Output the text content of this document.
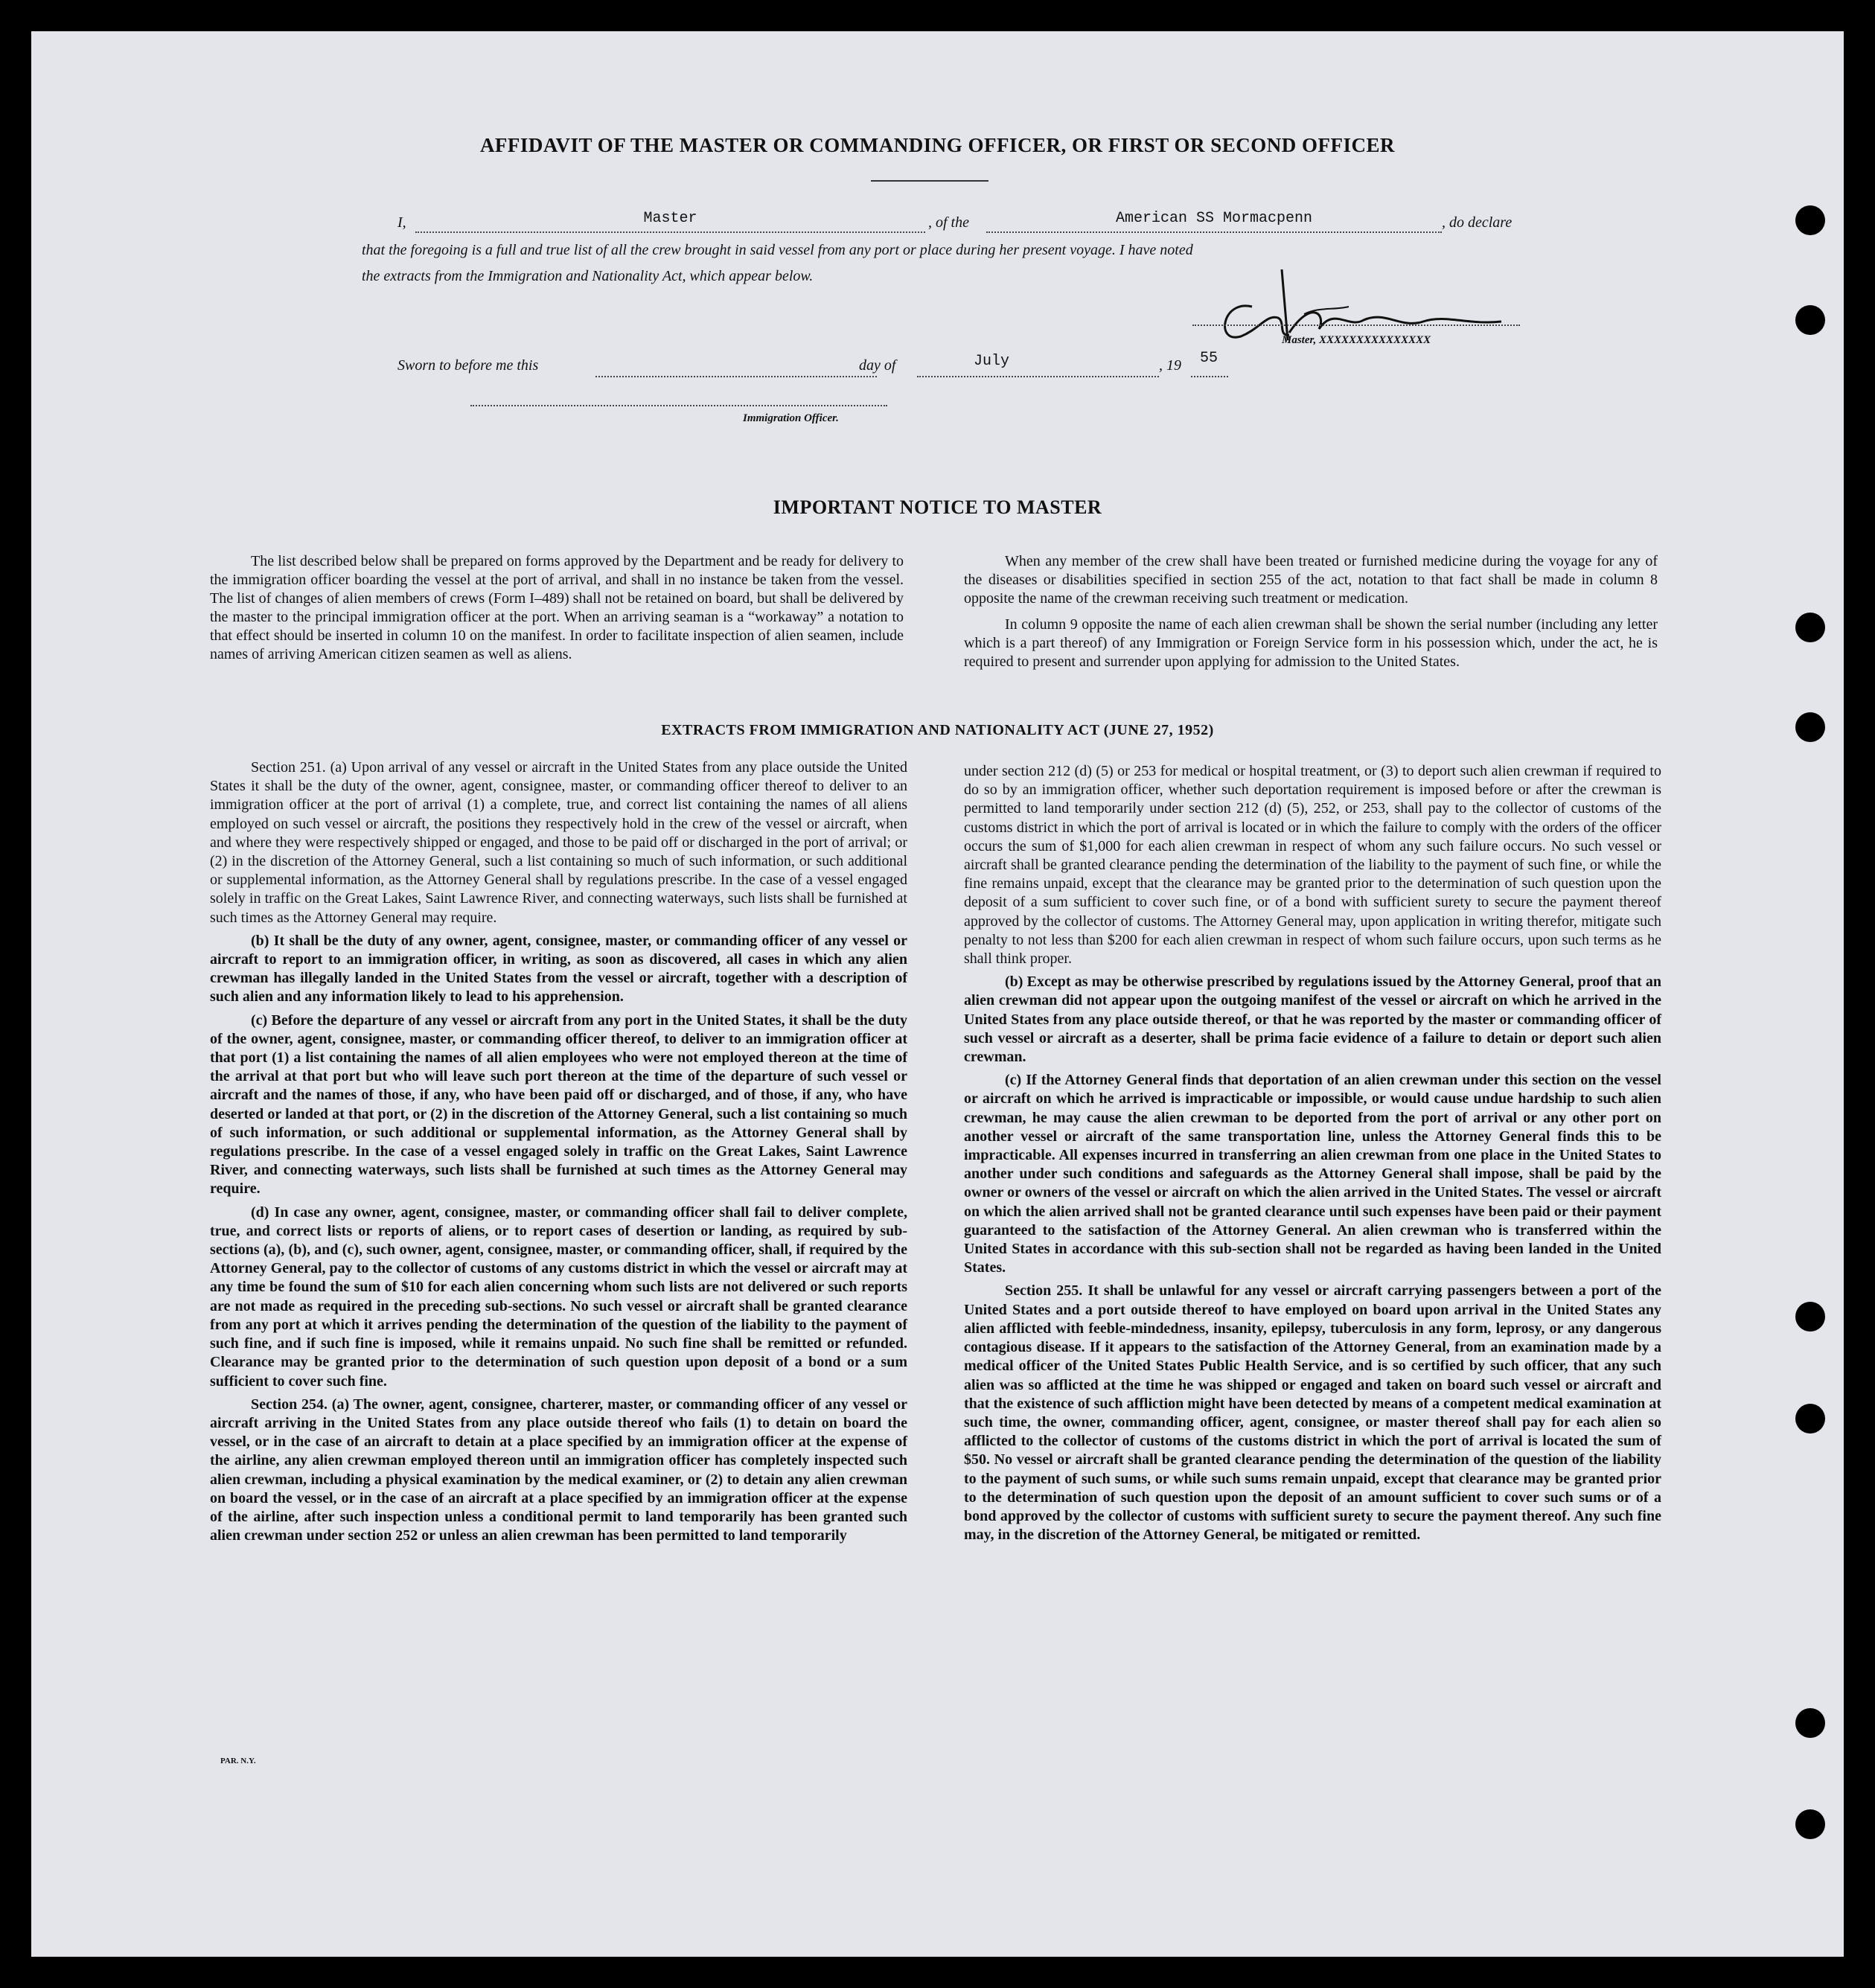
AFFIDAVIT OF THE MASTER OR COMMANDING OFFICER, OR FIRST OR SECOND OFFICER
I,	Master	, of the	American SS Mormacpenn	, do declare
that the foregoing is a full and true list of all the crew brought in said vessel from any port or place during her present voyage. I have noted
the extracts from the Immigration and Nationality Act, which appear below.
Master, XXXXXXXXXXXXXXX
Sworn to before me this	day of	July	, 19	55
Immigration Officer.
IMPORTANT NOTICE TO MASTER

The list described below shall be prepared on forms approved by the Department and be ready for delivery to the immigration officer boarding the vessel at the port of arrival, and shall in no instance be taken from the vessel. The list of changes of alien members of crews (Form I–489) shall not be retained on board, but shall be delivered by the master to the principal immigration officer at the port. When an arriving seaman is a “workaway” a notation to that effect should be inserted in column 10 on the manifest. In order to facilitate inspection of alien seamen, include names of arriving American citizen seamen as well as aliens.

When any member of the crew shall have been treated or furnished medicine during the voyage for any of the diseases or disabilities specified in section 255 of the act, notation to that fact shall be made in column 8 opposite the name of the crewman receiving such treatment or medication.

In column 9 opposite the name of each alien crewman shall be shown the serial number (including any letter which is a part thereof) of any Immigration or Foreign Service form in his possession which, under the act, he is required to present and surrender upon applying for admission to the United States.

EXTRACTS FROM IMMIGRATION AND NATIONALITY ACT (JUNE 27, 1952)

Section 251. (a) Upon arrival of any vessel or aircraft in the United States from any place outside the United States it shall be the duty of the owner, agent, consignee, master, or commanding officer thereof to deliver to an immigration officer at the port of arrival (1) a complete, true, and correct list containing the names of all aliens employed on such vessel or aircraft, the positions they respectively hold in the crew of the vessel or aircraft, when and where they were respectively shipped or engaged, and those to be paid off or discharged in the port of arrival; or (2) in the discretion of the Attorney General, such a list containing so much of such information, or such additional or supplemental information, as the Attorney General shall by regulations prescribe. In the case of a vessel engaged solely in traffic on the Great Lakes, Saint Lawrence River, and connecting waterways, such lists shall be furnished at such times as the Attorney General may require.

(b) It shall be the duty of any owner, agent, consignee, master, or commanding officer of any vessel or aircraft to report to an immigration officer, in writing, as soon as discovered, all cases in which any alien crewman has illegally landed in the United States from the vessel or aircraft, together with a description of such alien and any information likely to lead to his apprehension.

(c) Before the departure of any vessel or aircraft from any port in the United States, it shall be the duty of the owner, agent, consignee, master, or commanding officer thereof, to deliver to an immigration officer at that port (1) a list containing the names of all alien employees who were not employed thereon at the time of the arrival at that port but who will leave such port thereon at the time of the departure of such vessel or aircraft and the names of those, if any, who have been paid off or discharged, and of those, if any, who have deserted or landed at that port, or (2) in the discretion of the Attorney General, such a list containing so much of such information, or such additional or supplemental information, as the Attorney General shall by regulations prescribe. In the case of a vessel engaged solely in traffic on the Great Lakes, Saint Lawrence River, and connecting waterways, such lists shall be furnished at such times as the Attorney General may require.

(d) In case any owner, agent, consignee, master, or commanding officer shall fail to deliver complete, true, and correct lists or reports of aliens, or to report cases of desertion or landing, as required by sub-sections (a), (b), and (c), such owner, agent, consignee, master, or commanding officer, shall, if required by the Attorney General, pay to the collector of customs of any customs district in which the vessel or aircraft may at any time be found the sum of $10 for each alien concerning whom such lists are not delivered or such reports are not made as required in the preceding sub-sections. No such vessel or aircraft shall be granted clearance from any port at which it arrives pending the determination of the question of the liability to the payment of such fine, and if such fine is imposed, while it remains unpaid. No such fine shall be remitted or refunded. Clearance may be granted prior to the determination of such question upon deposit of a bond or a sum sufficient to cover such fine.

Section 254. (a) The owner, agent, consignee, charterer, master, or commanding officer of any vessel or aircraft arriving in the United States from any place outside thereof who fails (1) to detain on board the vessel, or in the case of an aircraft to detain at a place specified by an immigration officer at the expense of the airline, any alien crewman employed thereon until an immigration officer has completely inspected such alien crewman, including a physical examination by the medical examiner, or (2) to detain any alien crewman on board the vessel, or in the case of an aircraft at a place specified by an immigration officer at the expense of the airline, after such inspection unless a conditional permit to land temporarily has been granted such alien crewman under section 252 or unless an alien crewman has been permitted to land temporarily

under section 212 (d) (5) or 253 for medical or hospital treatment, or (3) to deport such alien crewman if required to do so by an immigration officer, whether such deportation requirement is imposed before or after the crewman is permitted to land temporarily under section 212 (d) (5), 252, or 253, shall pay to the collector of customs of the customs district in which the port of arrival is located or in which the failure to comply with the orders of the officer occurs the sum of $1,000 for each alien crewman in respect of whom any such failure occurs. No such vessel or aircraft shall be granted clearance pending the determination of the liability to the payment of such fine, or while the fine remains unpaid, except that the clearance may be granted prior to the determination of such question upon the deposit of a sum sufficient to cover such fine, or of a bond with sufficient surety to secure the payment thereof approved by the collector of customs. The Attorney General may, upon application in writing therefor, mitigate such penalty to not less than $200 for each alien crewman in respect of whom such failure occurs, upon such terms as he shall think proper.

(b) Except as may be otherwise prescribed by regulations issued by the Attorney General, proof that an alien crewman did not appear upon the outgoing manifest of the vessel or aircraft on which he arrived in the United States from any place outside thereof, or that he was reported by the master or commanding officer of such vessel or aircraft as a deserter, shall be prima facie evidence of a failure to detain or deport such alien crewman.

(c) If the Attorney General finds that deportation of an alien crewman under this section on the vessel or aircraft on which he arrived is impracticable or impossible, or would cause undue hardship to such alien crewman, he may cause the alien crewman to be deported from the port of arrival or any other port on another vessel or aircraft of the same transportation line, unless the Attorney General finds this to be impracticable. All expenses incurred in transferring an alien crewman from one place in the United States to another under such conditions and safeguards as the Attorney General shall impose, shall be paid by the owner or owners of the vessel or aircraft on which the alien arrived in the United States. The vessel or aircraft on which the alien arrived shall not be granted clearance until such expenses have been paid or their payment guaranteed to the satisfaction of the Attorney General. An alien crewman who is transferred within the United States in accordance with this sub-section shall not be regarded as having been landed in the United States.

Section 255. It shall be unlawful for any vessel or aircraft carrying passengers between a port of the United States and a port outside thereof to have employed on board upon arrival in the United States any alien afflicted with feeble-mindedness, insanity, epilepsy, tuberculosis in any form, leprosy, or any dangerous contagious disease. If it appears to the satisfaction of the Attorney General, from an examination made by a medical officer of the United States Public Health Service, and is so certified by such officer, that any such alien was so afflicted at the time he was shipped or engaged and taken on board such vessel or aircraft and that the existence of such affliction might have been detected by means of a competent medical examination at such time, the owner, commanding officer, agent, consignee, or master thereof shall pay for each alien so afflicted to the collector of customs of the customs district in which the port of arrival is located the sum of $50. No vessel or aircraft shall be granted clearance pending the determination of the question of the liability to the payment of such sums, or while such sums remain unpaid, except that clearance may be granted prior to the determination of such question upon the deposit of an amount sufficient to cover such sums or of a bond approved by the collector of customs with sufficient surety to secure the payment thereof. Any such fine may, in the discretion of the Attorney General, be mitigated or remitted.

PAR. N.Y.
